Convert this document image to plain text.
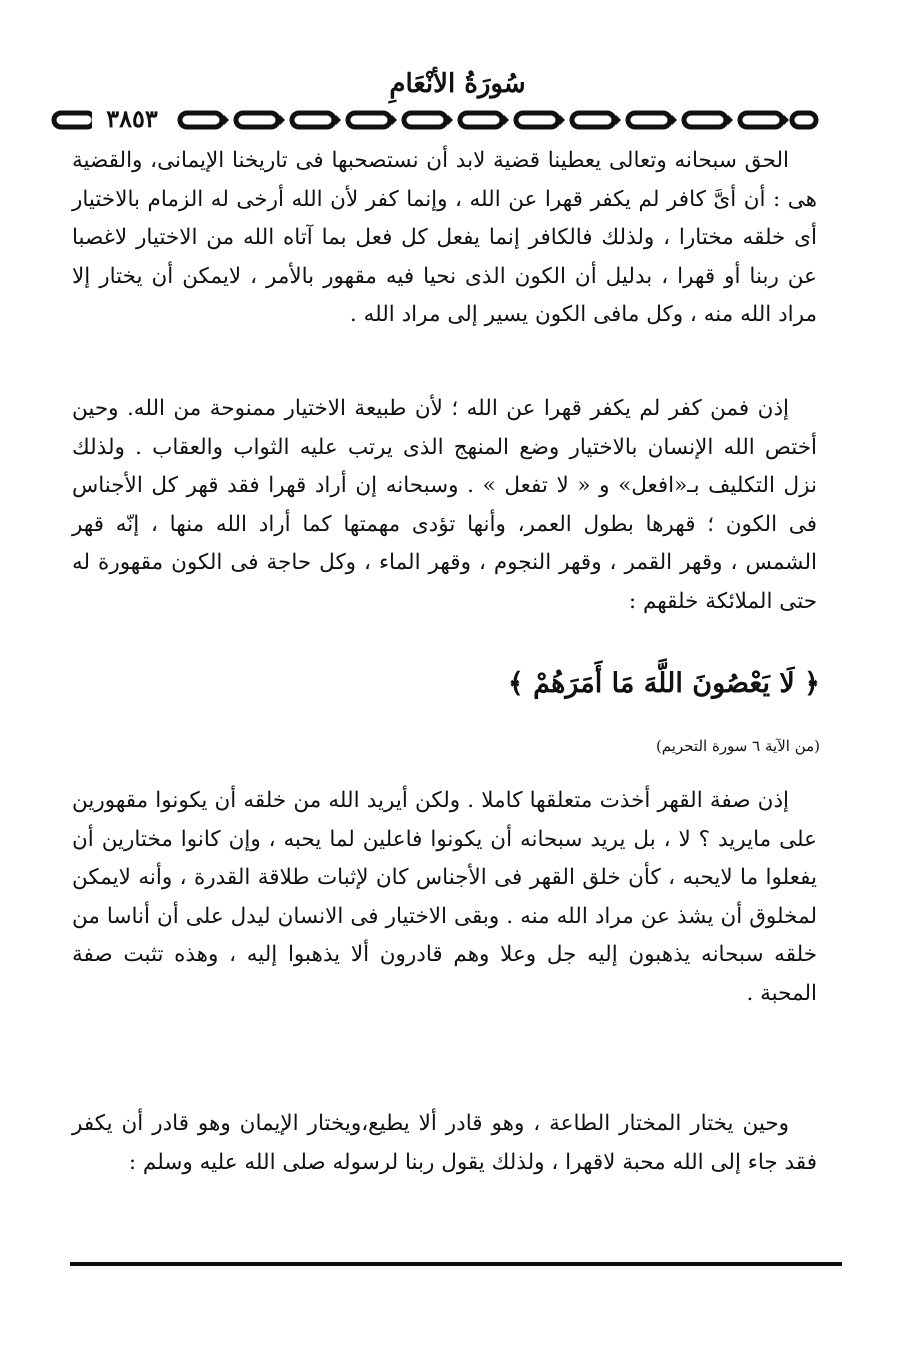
سُورَةُ الأنْعَامِ
٣٨٥٣

الحق سبحانه وتعالى يعطينا قضية لابد أن نستصحبها فى تاريخنا الإيمانى، والقضية هى : أن أىَّ كافر لم يكفر قهرا عن الله ، وإنما كفر لأن الله أرخى له الزمام بالاختيار أى خلقه مختارا ، ولذلك فالكافر إنما يفعل كل فعل بما آتاه الله من الاختيار لاغصبا عن ربنا أو قهرا ، بدليل أن الكون الذى نحيا فيه مقهور بالأمر ، لايمكن أن يختار إلا مراد الله منه ، وكل مافى الكون يسير إلى مراد الله .

إذن فمن كفر لم يكفر قهرا عن الله ؛ لأن طبيعة الاختيار ممنوحة من الله. وحين أختص الله الإنسان بالاختيار وضع المنهج الذى يرتب عليه الثواب والعقاب . ولذلك نزل التكليف بـ«افعل» و « لا تفعل » . وسبحانه إن أراد قهرا فقد قهر كل الأجناس فى الكون ؛ قهرها بطول العمر، وأنها تؤدى مهمتها كما أراد الله منها ، إنّه قهر الشمس ، وقهر القمر ، وقهر النجوم ، وقهر الماء ، وكل حاجة فى الكون مقهورة له حتى الملائكة خلقهم :

﴿ لَا يَعْصُونَ اللَّهَ مَا أَمَرَهُمْ ﴾
(من الآية ٦ سورة التحريم)

إذن صفة القهر أخذت متعلقها كاملا . ولكن أيريد الله من خلقه أن يكونوا مقهورين على مايريد ؟ لا ، بل يريد سبحانه أن يكونوا فاعلين لما يحبه ، وإن كانوا مختارين أن يفعلوا ما لايحبه ، كأن خلق القهر فى الأجناس كان لإثبات طلاقة القدرة ، وأنه لايمكن لمخلوق أن يشذ عن مراد الله منه . وبقى الاختيار فى الانسان ليدل على أن أناسا من خلقه سبحانه يذهبون إليه جل وعلا وهم قادرون ألا يذهبوا إليه ، وهذه تثبت صفة المحبة .

وحين يختار المختار الطاعة ، وهو قادر ألا يطيع،ويختار الإيمان وهو قادر أن يكفر فقد جاء إلى الله محبة لاقهرا ، ولذلك يقول ربنا لرسوله صلى الله عليه وسلم :
